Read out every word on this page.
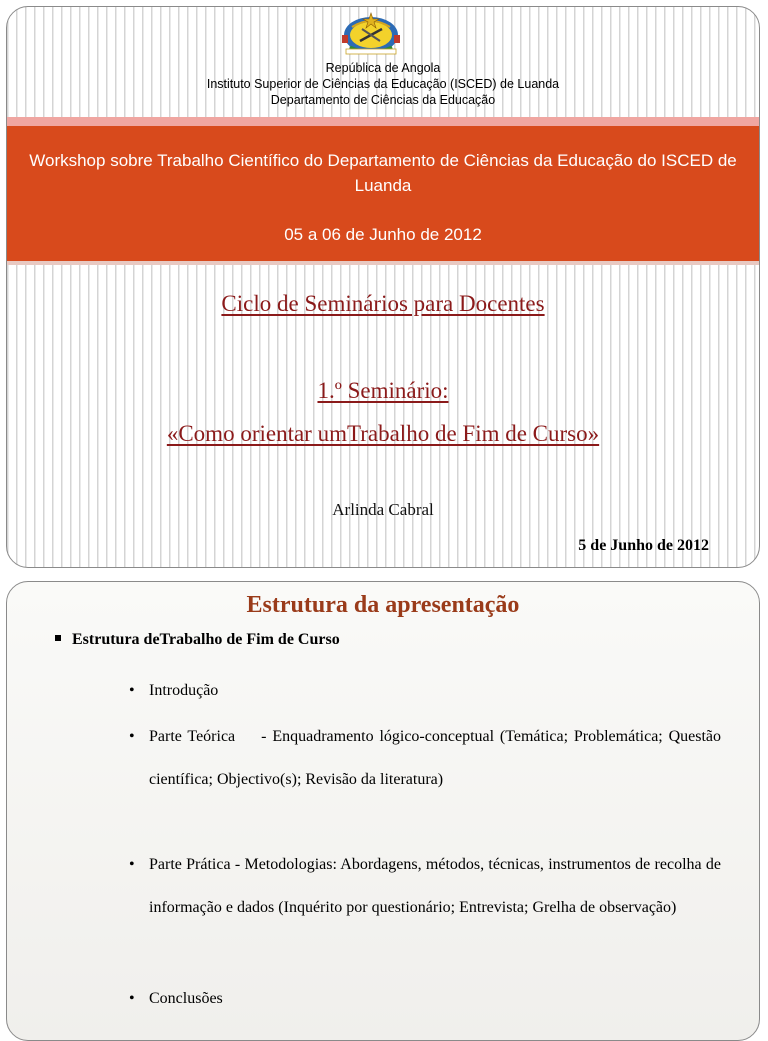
República de Angola
Instituto Superior de Ciências da Educação (ISCED) de Luanda
Departamento de Ciências da Educação
Workshop sobre Trabalho Científico do Departamento de Ciências da Educação do ISCED de Luanda
05 a 06 de Junho de 2012
Ciclo de Seminários para Docentes
1.º Seminário:
«Como orientar umTrabalho de Fim de Curso»
Arlinda Cabral
5 de Junho de 2012
Estrutura da apresentação
Estrutura deTrabalho de Fim de Curso
• Introdução
• Parte Teórica - Enquadramento lógico-conceptual (Temática; Problemática; Questão científica; Objectivo(s); Revisão da literatura)
• Parte Prática - Metodologias: Abordagens, métodos, técnicas, instrumentos de recolha de informação e dados (Inquérito por questionário; Entrevista; Grelha de observação)
• Conclusões
